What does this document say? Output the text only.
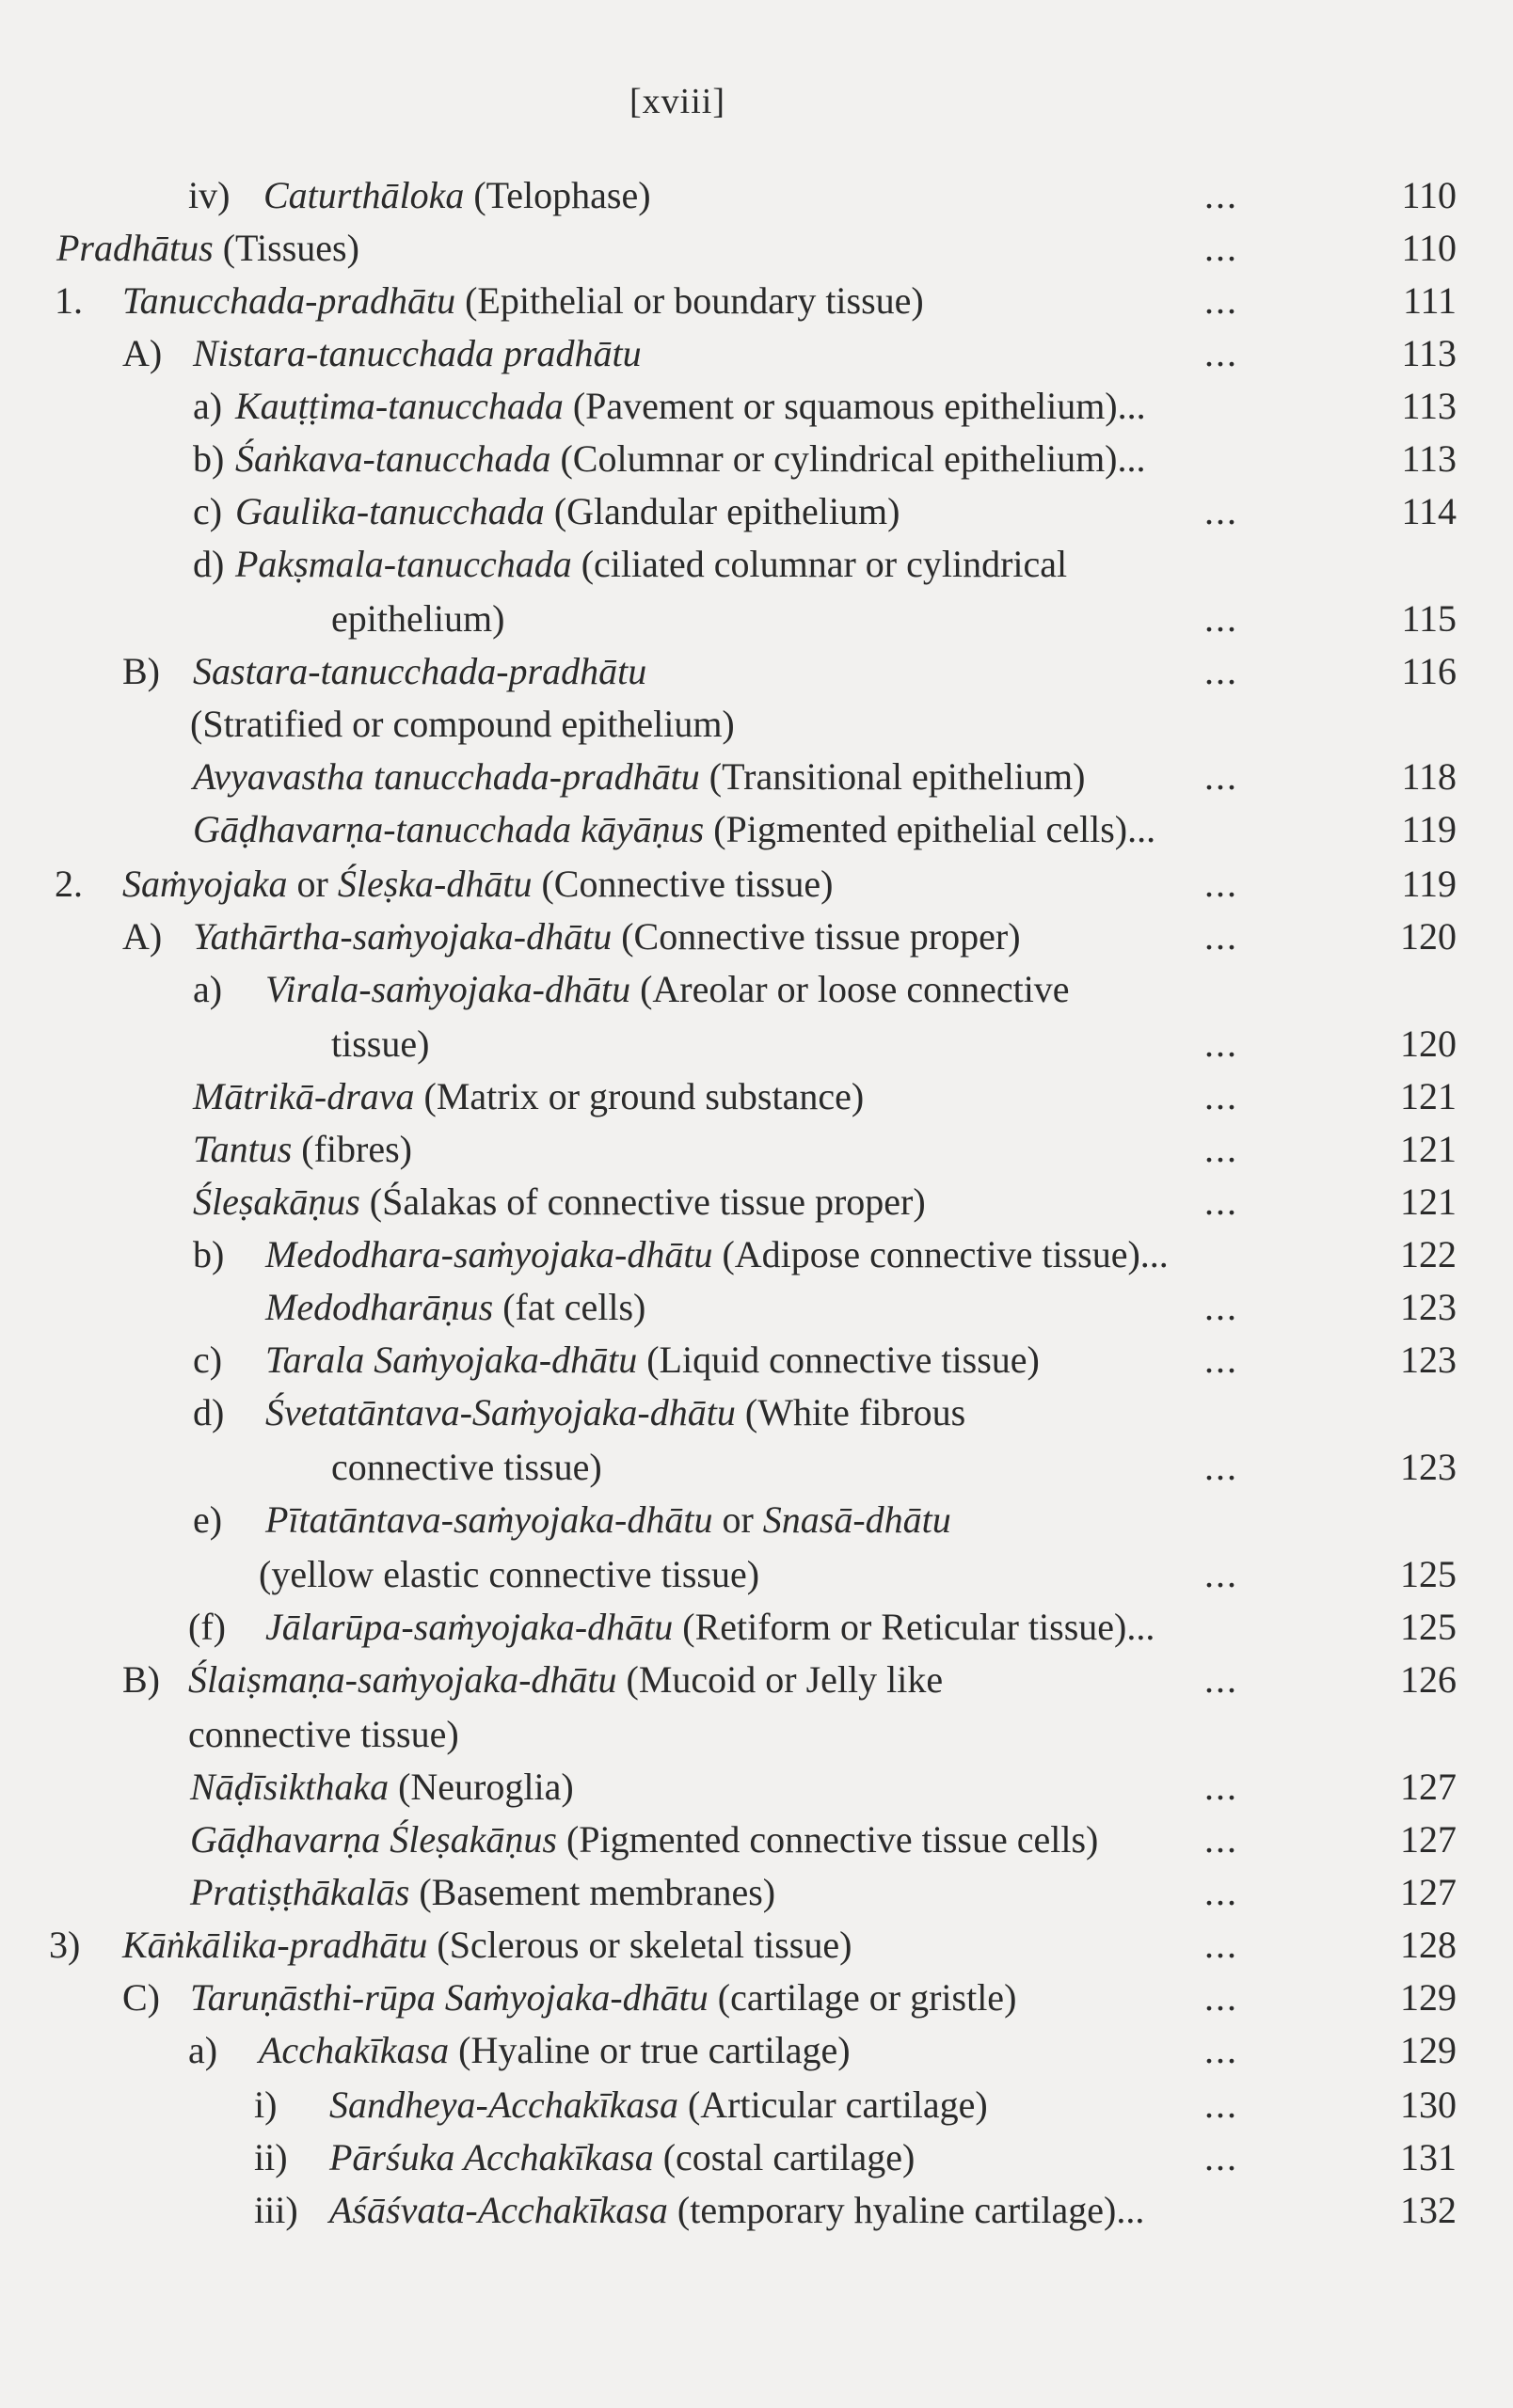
[xviii]
iv) Caturthāloka (Telophase)	...	110
Pradhātus (Tissues)	...	110
1. Tanucchada-pradhātu (Epithelial or boundary tissue)	...	111
A) Nistara-tanucchada pradhātu	...	113
a) Kauṭṭima-tanucchada (Pavement or squamous epithelium)...	113
b) Śaṅkava-tanucchada (Columnar or cylindrical epithelium)...	113
c) Gaulika-tanucchada (Glandular epithelium)	...	114
d) Pakṣmala-tanucchada (ciliated columnar or cylindrical
epithelium)	...	115
B) Sastara-tanucchada-pradhātu	...	116
(Stratified or compound epithelium)
Avyavastha tanucchada-pradhātu (Transitional epithelium)	...	118
Gāḍhavarṇa-tanucchada kāyāṇus (Pigmented epithelial cells)...	119
2. Saṁyojaka or Śleṣka-dhātu (Connective tissue)	...	119
A) Yathārtha-saṁyojaka-dhātu (Connective tissue proper)	...	120
a) Virala-saṁyojaka-dhātu (Areolar or loose connective
tissue)	...	120
Mātrikā-drava (Matrix or ground substance)	...	121
Tantus (fibres)	...	121
Śleṣakāṇus (Śalakas of connective tissue proper)	...	121
b) Medodhara-saṁyojaka-dhātu (Adipose connective tissue)...	122
Medodharāṇus (fat cells)	...	123
c) Tarala Saṁyojaka-dhātu (Liquid connective tissue)	...	123
d) Śvetatāntava-Saṁyojaka-dhātu (White fibrous
connective tissue)	...	123
e) Pītatāntava-saṁyojaka-dhātu or Snasā-dhātu
(yellow elastic connective tissue)	...	125
(f) Jālarūpa-saṁyojaka-dhātu (Retiform or Reticular tissue)...	125
B) Ślaiṣmaṇa-saṁyojaka-dhātu (Mucoid or Jelly like	...	126
connective tissue)
Nāḍīsikthaka (Neuroglia)	...	127
Gāḍhavarṇa Śleṣakāṇus (Pigmented connective tissue cells)	...	127
Pratiṣṭhākalās (Basement membranes)	...	127
3) Kāṅkālika-pradhātu (Sclerous or skeletal tissue)	...	128
C) Taruṇāsthi-rūpa Saṁyojaka-dhātu (cartilage or gristle)	...	129
a) Acchakīkasa (Hyaline or true cartilage)	...	129
i) Sandheya-Acchakīkasa (Articular cartilage)	...	130
ii) Pārśuka Acchakīkasa (costal cartilage)	...	131
iii) Aśāśvata-Acchakīkasa (temporary hyaline cartilage)...	132
